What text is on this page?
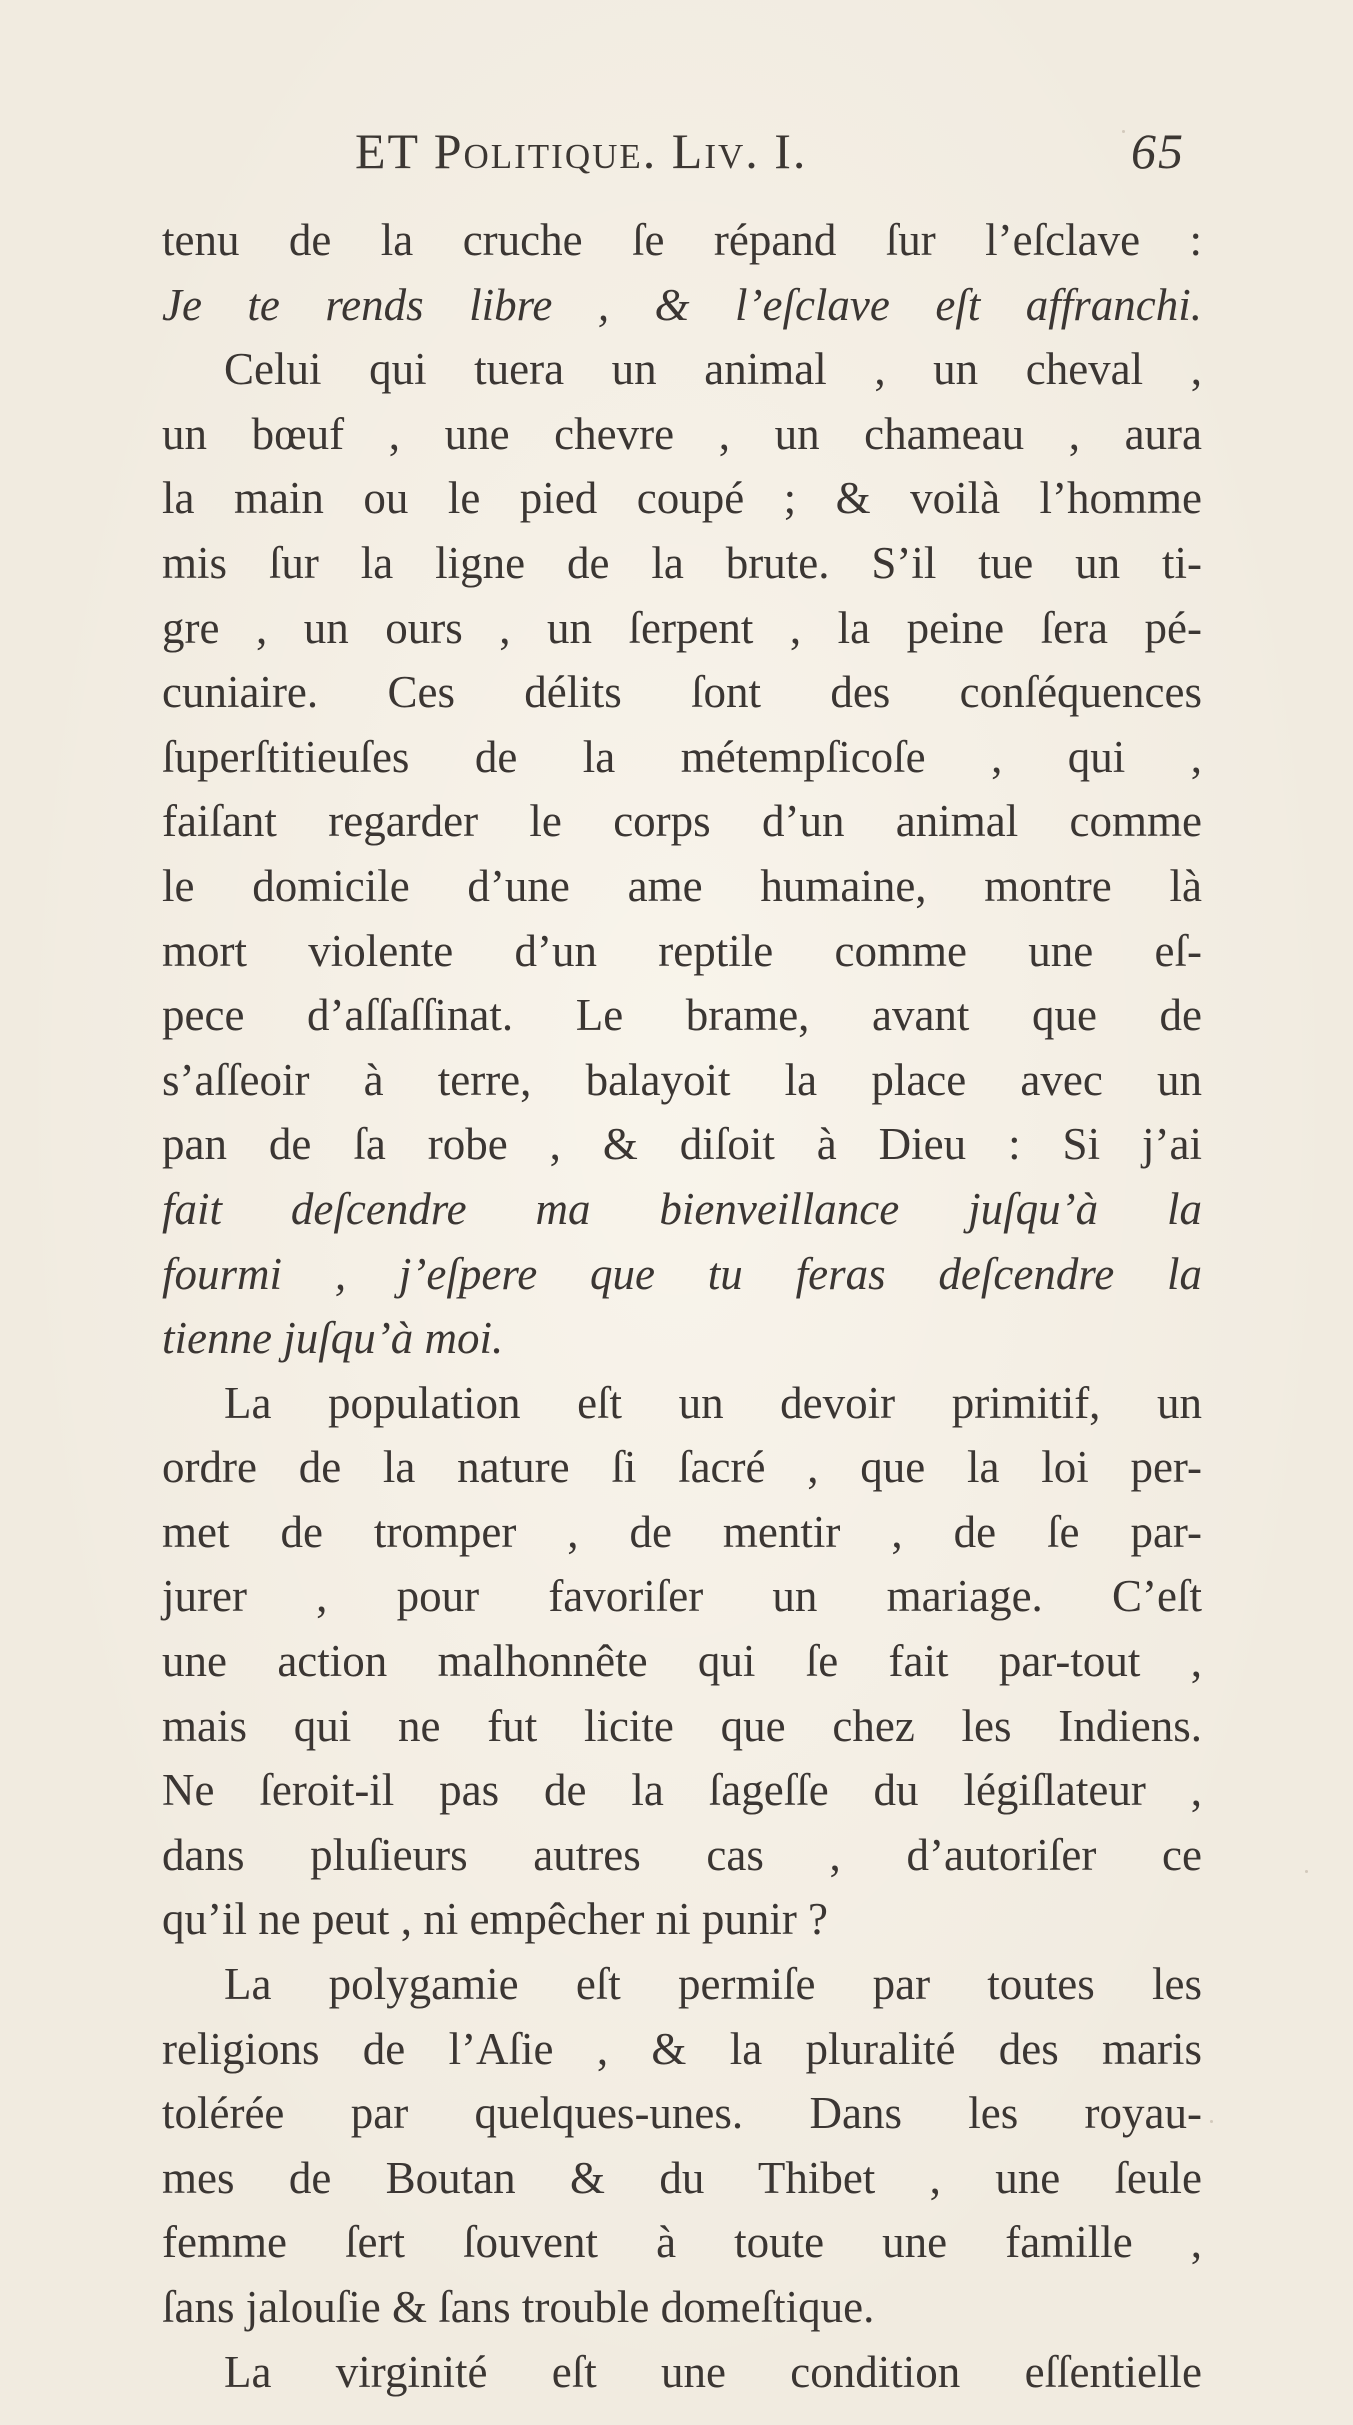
ET Politique. Liv. I.	65
tenu de la cruche ſe répand ſur l’eſclave :
Je te rends libre , & l’eſclave eſt affranchi.
Celui qui tuera un animal , un cheval ,
un bœuf , une chevre , un chameau , aura
la main ou le pied coupé ; & voilà l’homme
mis ſur la ligne de la brute. S’il tue un ti-
gre , un ours , un ſerpent , la peine ſera pé-
cuniaire. Ces délits ſont des conſéquences
ſuperſtitieuſes de la métempſicoſe , qui ,
faiſant regarder le corps d’un animal comme
le domicile d’une ame humaine, montre là
mort violente d’un reptile comme une eſ-
pece d’aſſaſſinat. Le brame, avant que de
s’aſſeoir à terre, balayoit la place avec un
pan de ſa robe , & diſoit à Dieu : Si j’ai
fait deſcendre ma bienveillance juſqu’à la
fourmi , j’eſpere que tu feras deſcendre la
tienne juſqu’à moi.
La population eſt un devoir primitif, un
ordre de la nature ſi ſacré , que la loi per-
met de tromper , de mentir , de ſe par-
jurer , pour favoriſer un mariage. C’eſt
une action malhonnête qui ſe fait par-tout ,
mais qui ne fut licite que chez les Indiens.
Ne ſeroit-il pas de la ſageſſe du légiſlateur ,
dans pluſieurs autres cas , d’autoriſer ce
qu’il ne peut , ni empêcher ni punir ?
La polygamie eſt permiſe par toutes les
religions de l’Aſie , & la pluralité des maris
tolérée par quelques-unes. Dans les royau-
mes de Boutan & du Thibet , une ſeule
femme ſert ſouvent à toute une famille ,
ſans jalouſie & ſans trouble domeſtique.
La virginité eſt une condition eſſentielle
